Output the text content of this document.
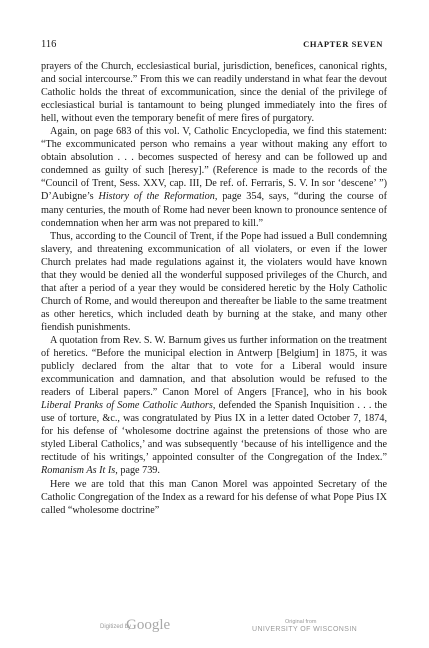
116	CHAPTER SEVEN

prayers of the Church, ecclesiastical burial, jurisdiction, benefices, canonical rights, and social intercourse.” From this we can readily understand in what fear the devout Catholic holds the threat of excommunication, since the denial of the privilege of ecclesiastical burial is tantamount to being plunged immediately into the fires of hell, without even the temporary benefit of mere fires of purgatory.

Again, on page 683 of this vol. V, Catholic Encyclopedia, we find this statement: “The excommunicated person who remains a year without making any effort to obtain absolution . . . becomes suspected of heresy and can be followed up and condemned as guilty of such [heresy].” (Reference is made to the records of the “Council of Trent, Sess. XXV, cap. III, De ref. of. Ferraris, S. V. In sor ‘descene’ ”) D’Aubigne’s History of the Reformation, page 354, says, “during the course of many centuries, the mouth of Rome had never been known to pronounce sentence of condemnation when her arm was not prepared to kill.”

Thus, according to the Council of Trent, if the Pope had issued a Bull condemning slavery, and threatening excommunication of all violaters, or even if the lower Church prelates had made regulations against it, the violaters would have known that they would be denied all the wonderful supposed privileges of the Church, and that after a period of a year they would be considered heretic by the Holy Catholic Church of Rome, and would thereupon and thereafter be liable to the same treatment as other heretics, which included death by burning at the stake, and many other fiendish punishments.

A quotation from Rev. S. W. Barnum gives us further information on the treatment of heretics. “Before the municipal election in Antwerp [Belgium] in 1875, it was publicly declared from the altar that to vote for a Liberal would insure excommunication and damnation, and that absolution would be refused to the readers of Liberal papers.” Canon Morel of Angers [France], who in his book Liberal Pranks of Some Catholic Authors, defended the Spanish Inquisition . . . the use of torture, &c., was congratulated by Pius IX in a letter dated October 7, 1874, for his defense of ‘wholesome doctrine against the pretensions of those who are styled Liberal Catholics,’ and was subsequently ‘because of his intelligence and the rectitude of his writings,’ appointed consulter of the Congregation of the Index.” Romanism As It Is, page 739.

Here we are told that this man Canon Morel was appointed Secretary of the Catholic Congregation of the Index as a reward for his defense of what Pope Pius IX called “wholesome doctrine”

Digitized by
Google	Original from
UNIVERSITY OF WISCONSIN
